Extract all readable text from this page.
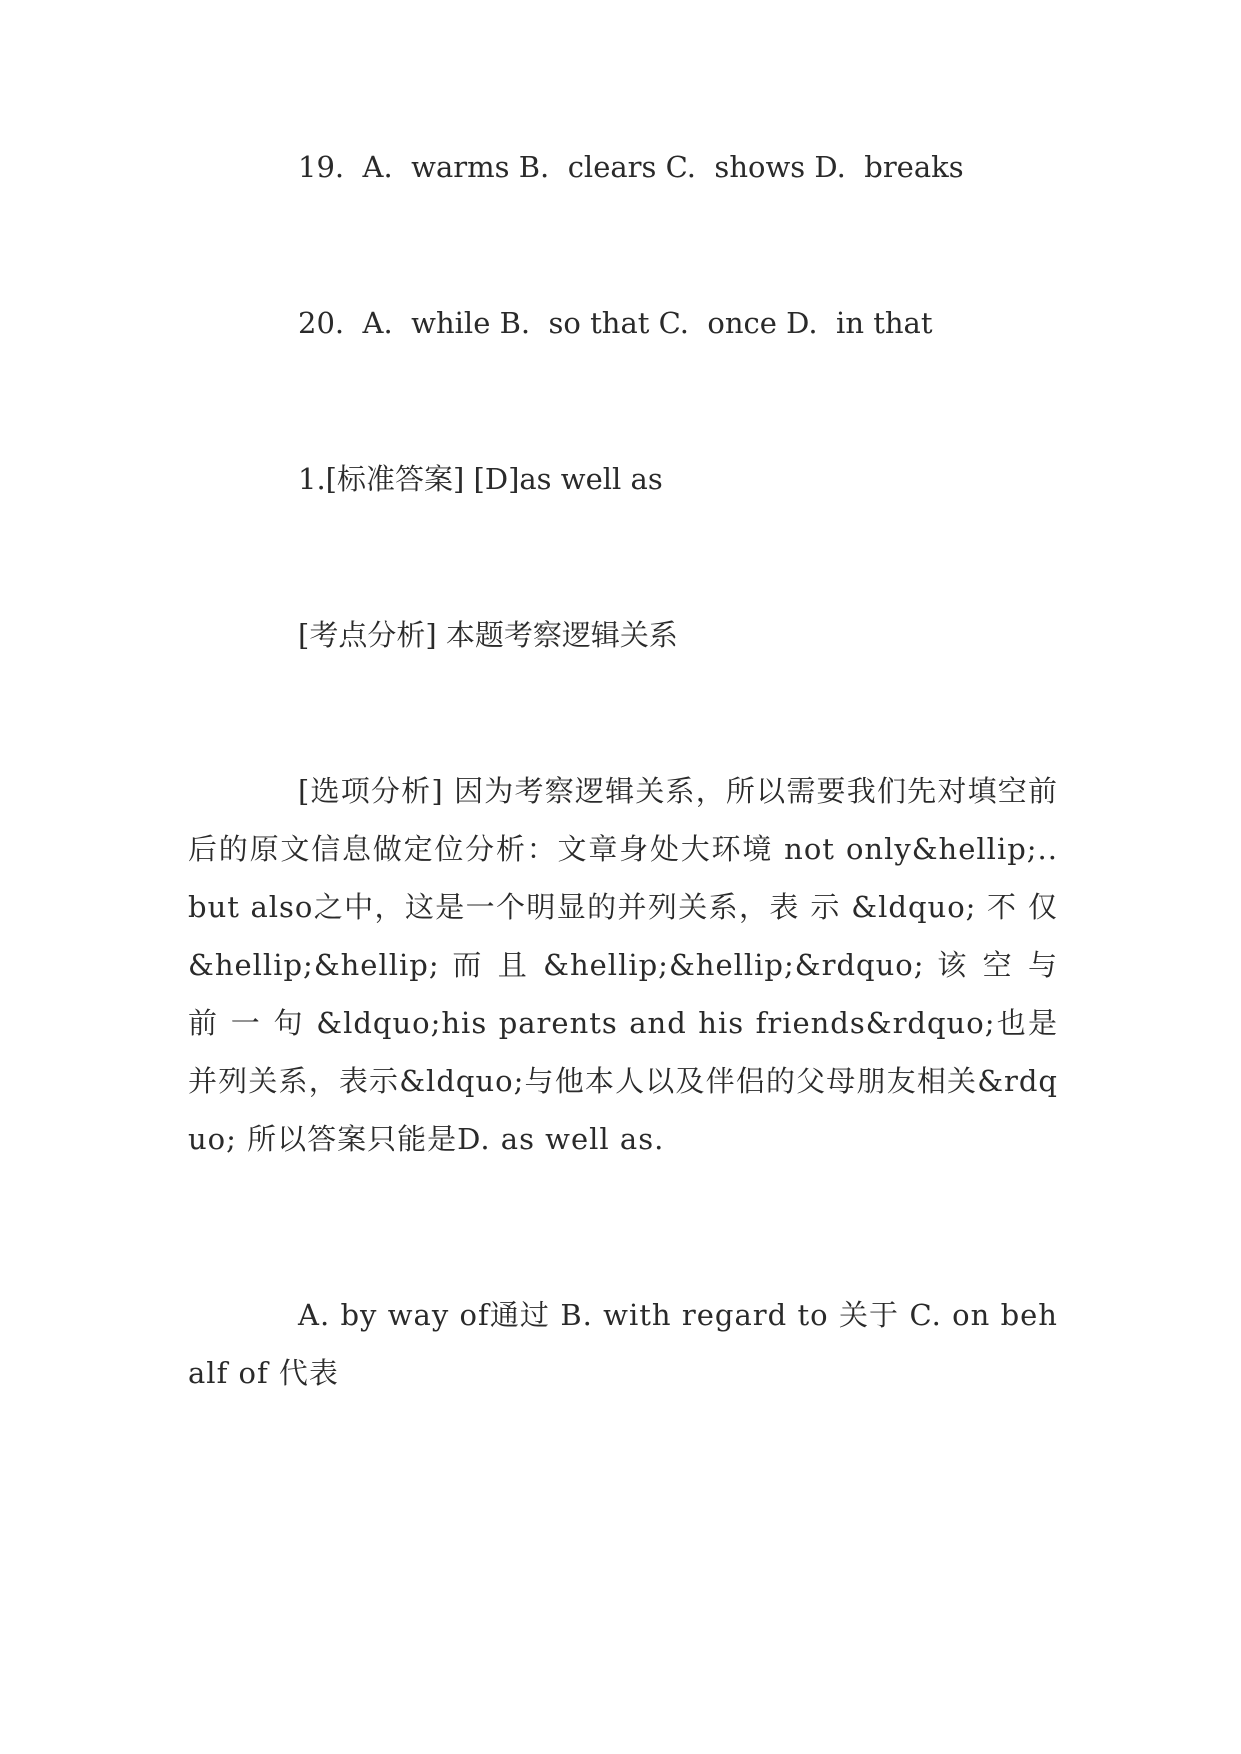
19.  A.  warms B.  clears C.  shows D.  breaks

20.  A.  while B.  so that C.  once D.  in that

1.[标准答案] [D]as well as

[考点分析] 本题考察逻辑关系

[选项分析] 因为考察逻辑关系，所以需要我们先对填空前后的原文信息做定位分析：文章身处大环境 not only&hellip;..but also之中，这是一个明显的并列关系，表 示 &ldquo; 不 仅 &hellip;&hellip; 而 且 &hellip;&hellip;&rdquo; 该 空 与 前 一 句 &ldquo;his parents and his friends&rdquo;也是并列关系，表示&ldquo;与他本人以及伴侣的父母朋友相关&rdquo; 所以答案只能是D. as well as.

A. by way of通过 B. with regard to 关于 C. on behalf of 代表
